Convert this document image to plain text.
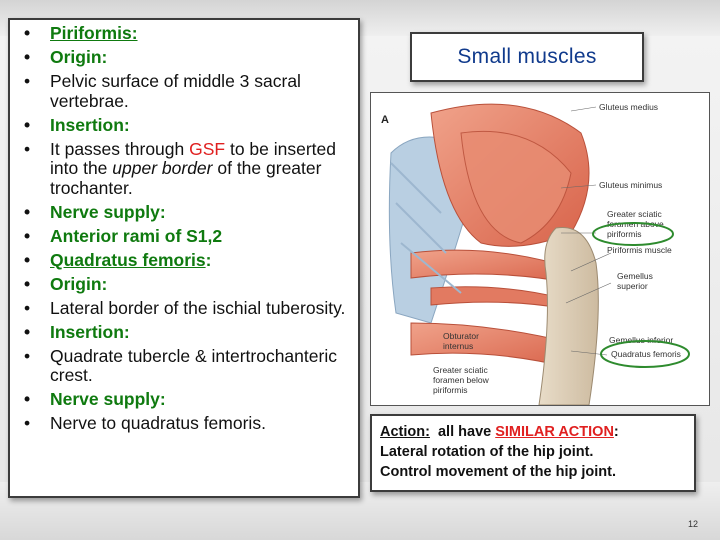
• Piriformis:
• Origin:
• Pelvic surface of middle 3 sacral vertebrae.
• Insertion:
• It passes through GSF to be inserted into the upper border of the greater trochanter.
• Nerve supply:
• Anterior rami of S1,2
• Quadratus femoris:
• Origin:
• Lateral border of the ischial tuberosity.
• Insertion:
• Quadrate tubercle & intertrochanteric crest.
• Nerve supply:
• Nerve to quadratus femoris.
Small muscles
A
Gluteus medius
Gluteus minimus
Greater sciatic
foramen above
piriformis
Piriformis muscle
Gemellus
superior
Obturator
internus
Greater sciatic
foramen below
piriformis
Gemellus inferior
Quadratus femoris
Action:  all have SIMILAR ACTION:
Lateral rotation of the hip joint.
Control movement of the hip joint.
12
